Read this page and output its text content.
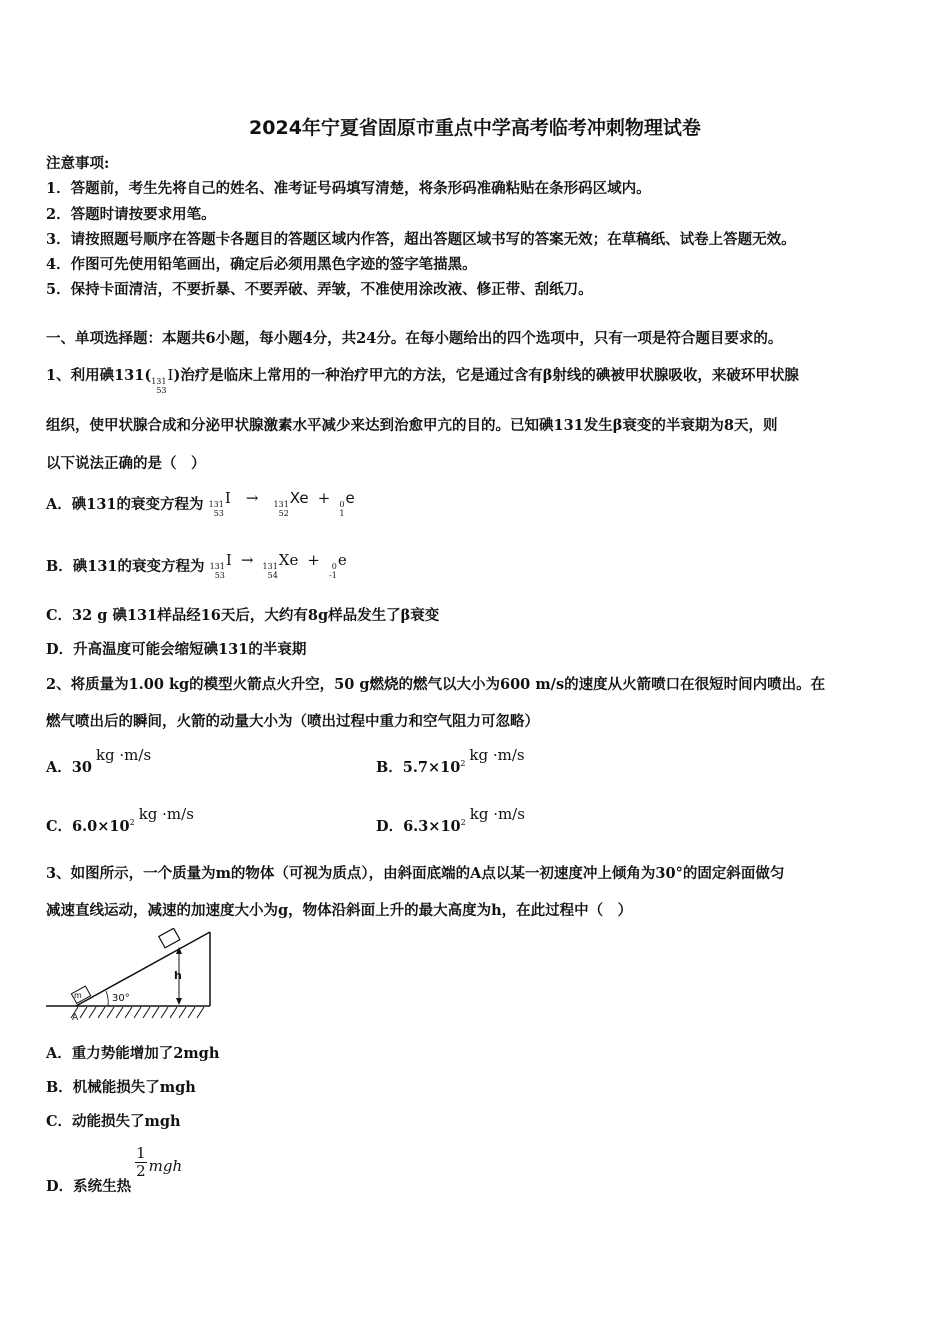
2024年宁夏省固原市重点中学高考临考冲刺物理试卷
注意事项:
1．答题前，考生先将自己的姓名、准考证号码填写清楚，将条形码准确粘贴在条形码区域内。
2．答题时请按要求用笔。
3．请按照题号顺序在答题卡各题目的答题区域内作答，超出答题区域书写的答案无效；在草稿纸、试卷上答题无效。
4．作图可先使用铅笔画出，确定后必须用黑色字迹的签字笔描黑。
5．保持卡面清洁，不要折暴、不要弄破、弄皱，不准使用涂改液、修正带、刮纸刀。
一、单项选择题：本题共6小题，每小题4分，共24分。在每小题给出的四个选项中，只有一项是符合题目要求的。
1、利用碘131( 131
53
I)治疗是临床上常用的一种治疗甲亢的方法，它是通过含有β射线的碘被甲状腺吸收，来破环甲状腺
组织，使甲状腺合成和分泌甲状腺激素水平减少来达到治愈甲亢的目的。已知碘131发生β衰变的半衰期为8天，则
以下说法正确的是（　）
A．碘131的衰变方程为 131
53
I → 131
52
Xe + 0
1
e
B．碘131的衰变方程为 131
53
I → 131
54
Xe + 0
-1
e
C．32 g 碘131样品经16天后，大约有8g样品发生了β衰变
D．升高温度可能会缩短碘131的半衰期
2、将质量为1.00 kg的模型火箭点火升空，50 g燃烧的燃气以大小为600 m/s的速度从火箭喷口在很短时间内喷出。在
燃气喷出后的瞬间，火箭的动量大小为（喷出过程中重力和空气阻力可忽略）
A．30kg ·m/s
B．$5.7\times 10^2$ kg ·m/s
C．$6.0\times 10^2$ kg ·m/s
D．$6.3\times 10^2$ kg ·m/s
3、如图所示，一个质量为m的物体（可视为质点），由斜面底端的A点以某一初速度冲上倾角为30°的固定斜面做匀
减速直线运动，减速的加速度大小为g，物体沿斜面上升的最大高度为h，在此过程中（　）
m
h
30°
A
A．重力势能增加了2mgh
B．机械能损失了mgh
C．动能损失了mgh
D．系统生热
$\frac{1}{2}$ mgh
